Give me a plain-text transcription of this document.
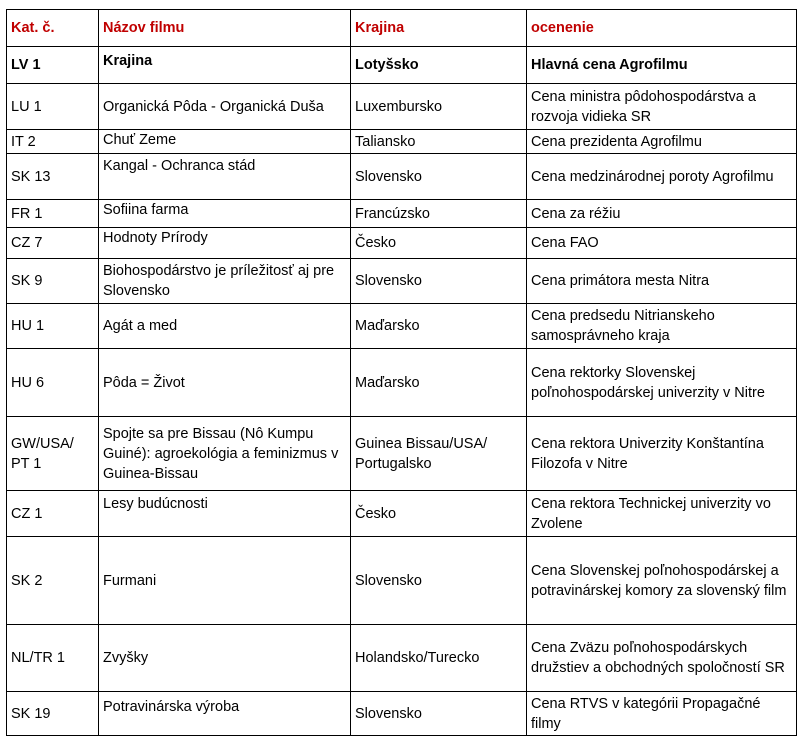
Kat. č.	Názov filmu	Krajina	ocenenie
LV 1	Krajina	Lotyšsko	Hlavná cena Agrofilmu
LU 1	Organická Pôda - Organická Duša	Luxembursko	Cena ministra pôdohospodárstva a rozvoja vidieka SR
IT 2	Chuť Zeme	Taliansko	Cena prezidenta Agrofilmu
SK 13	Kangal - Ochranca stád	Slovensko	Cena medzinárodnej poroty Agrofilmu
FR 1	Sofiina farma	Francúzsko	Cena za réžiu
CZ 7	Hodnoty Prírody	Česko	Cena FAO
SK 9	Biohospodárstvo je príležitosť aj pre Slovensko	Slovensko	Cena primátora mesta Nitra
HU 1	Agát a med	Maďarsko	Cena predsedu Nitrianskeho samosprávneho kraja
HU 6	Pôda = Život	Maďarsko	Cena rektorky Slovenskej poľnohospodárskej univerzity v Nitre
GW/USA/ PT 1	Spojte sa pre Bissau (Nô Kumpu Guiné): agroekológia a feminizmus v Guinea-Bissau	Guinea Bissau/USA/ Portugalsko	Cena rektora Univerzity Konštantína Filozofa v Nitre
CZ 1	Lesy budúcnosti	Česko	Cena rektora Technickej univerzity vo Zvolene
SK 2	Furmani	Slovensko	Cena Slovenskej poľnohospodárskej a potravinárskej komory za slovenský film
NL/TR 1	Zvyšky	Holandsko/Turecko	Cena Zväzu poľnohospodárskych družstiev a obchodných spoločností SR
SK 19	Potravinárska výroba	Slovensko	Cena RTVS v kategórii Propagačné filmy
